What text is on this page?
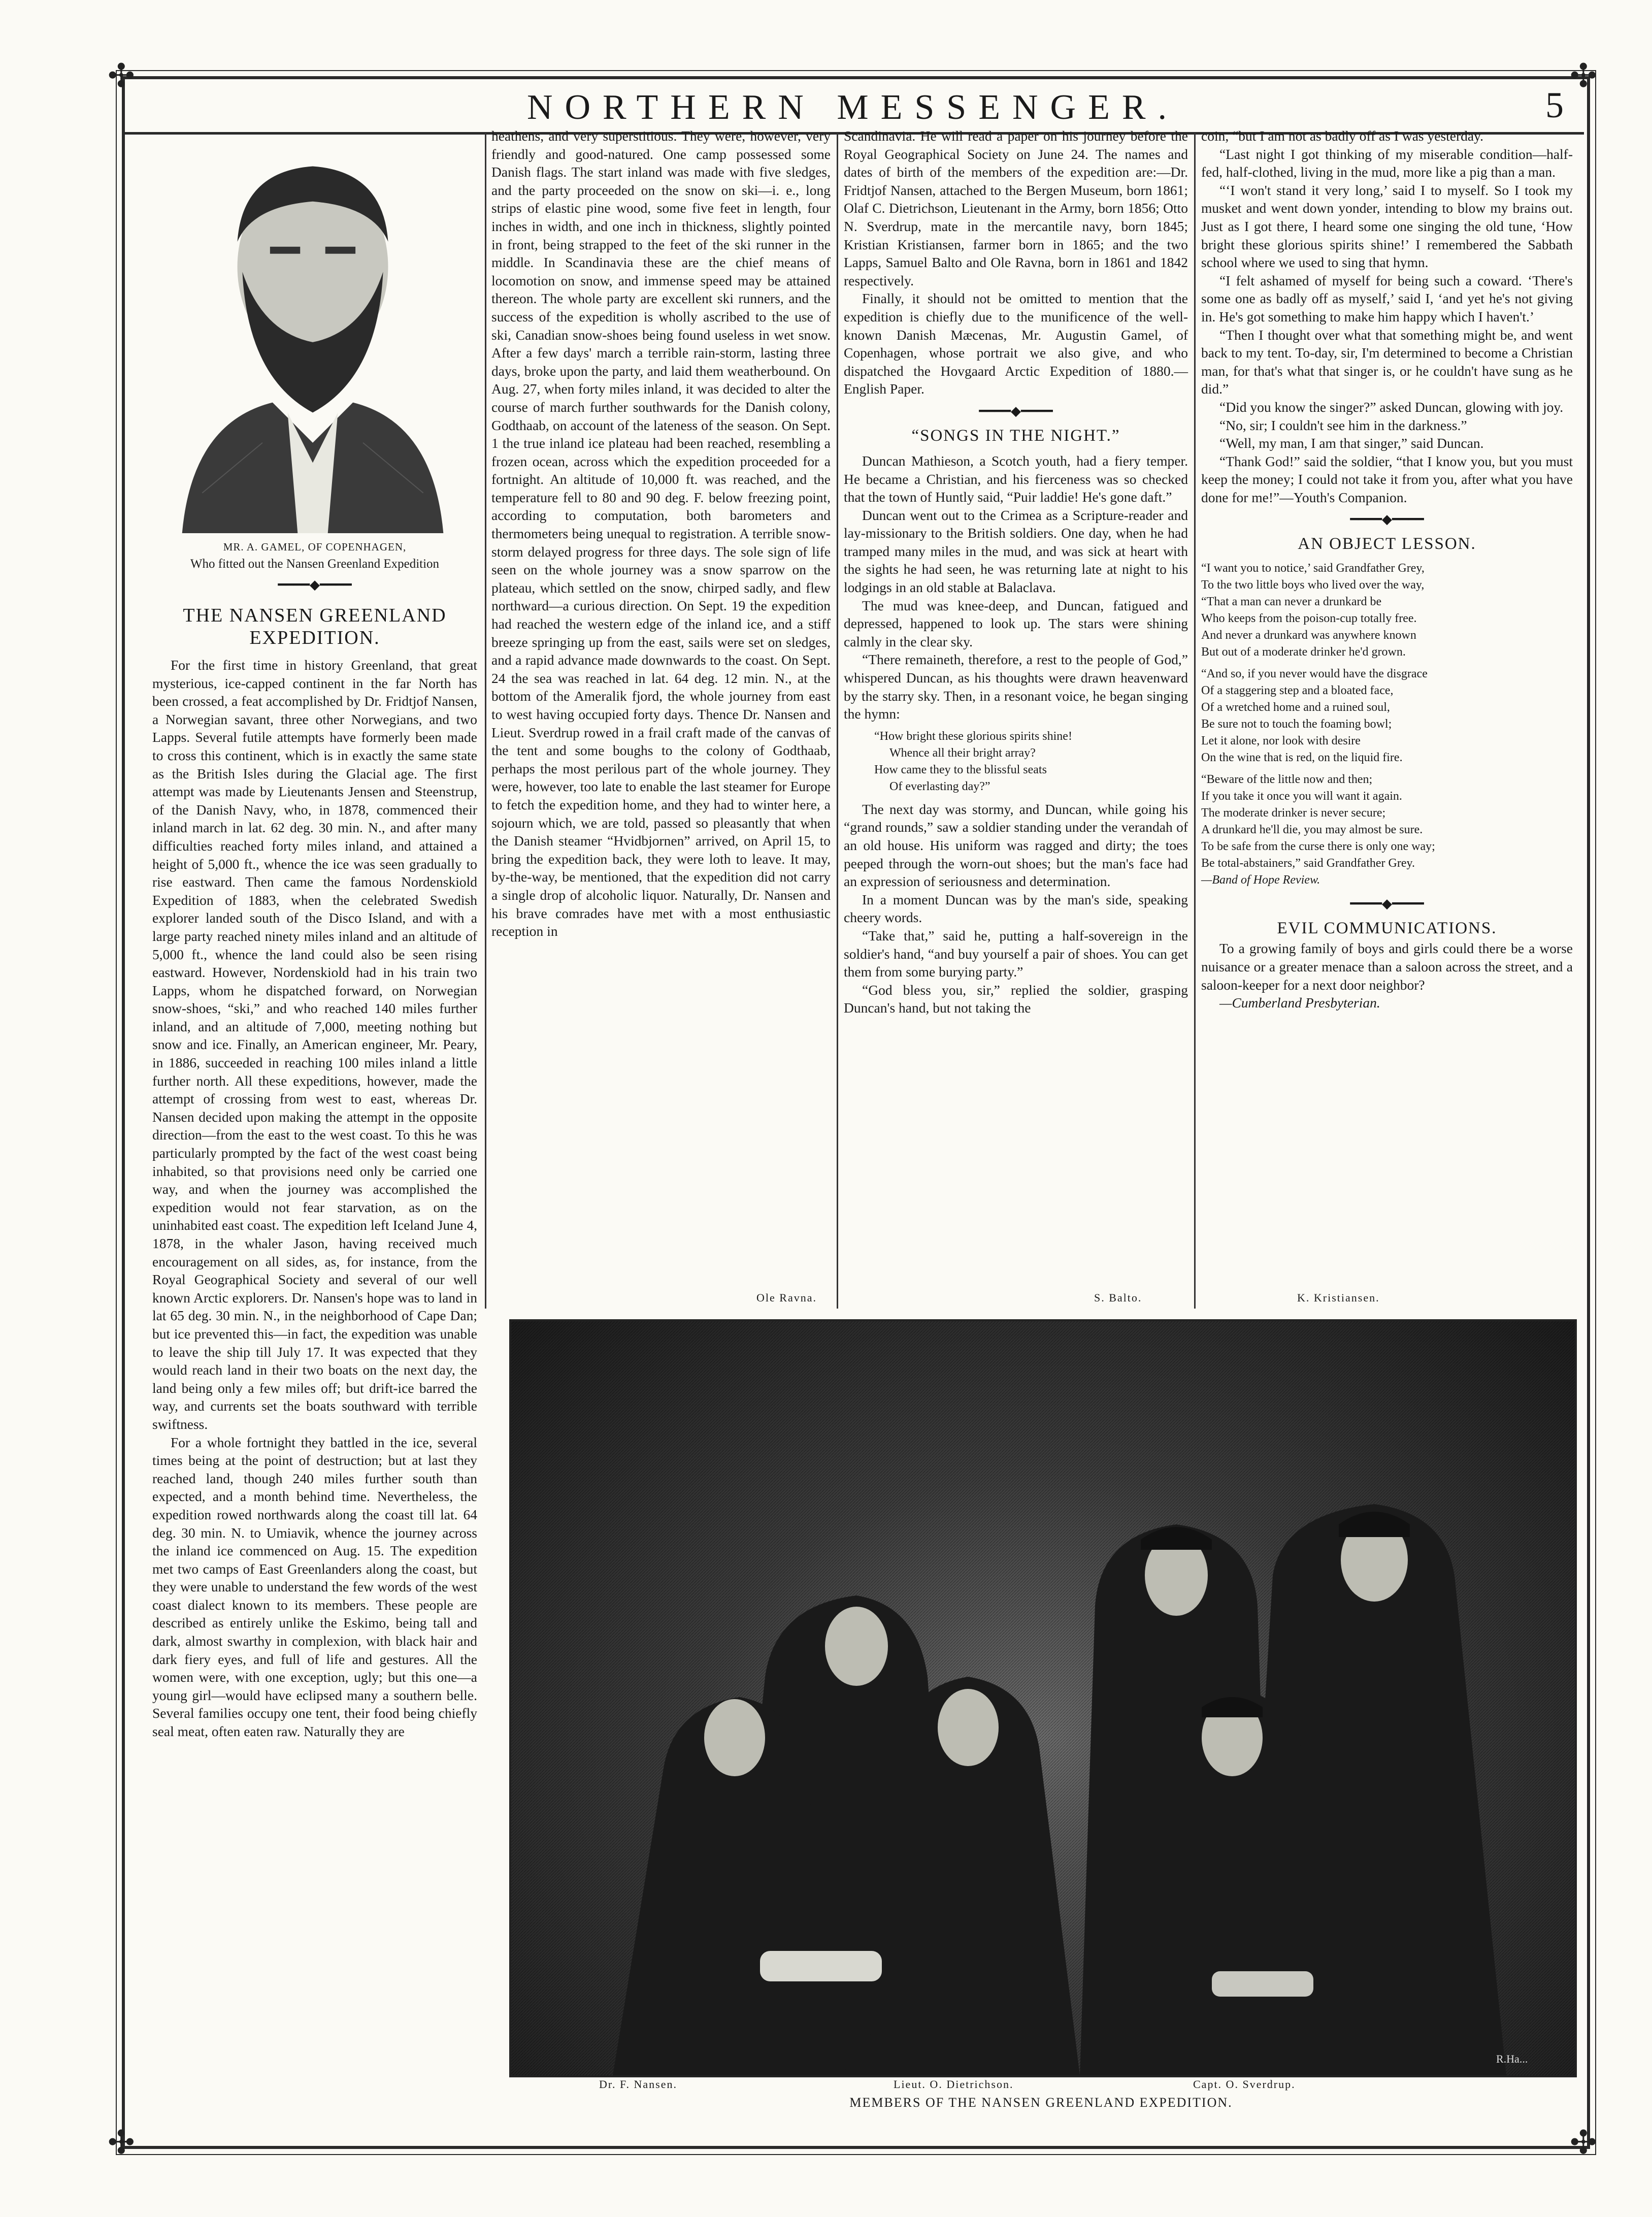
✣	✣
✣	✣
NORTHERN MESSENGER.	5
MR. A. GAMEL, OF COPENHAGEN,
Who fitted out the Nansen Greenland Expedition
━━━━◆━━━━
THE NANSEN GREENLAND EXPEDITION.

For the first time in history Greenland, that great mysterious, ice-capped continent in the far North has been crossed, a feat accomplished by Dr. Fridtjof Nansen, a Norwegian savant, three other Norwegians, and two Lapps. Several futile attempts have formerly been made to cross this continent, which is in exactly the same state as the British Isles during the Glacial age. The first attempt was made by Lieutenants Jensen and Steenstrup, of the Danish Navy, who, in 1878, commenced their inland march in lat. 62 deg. 30 min. N., and after many difficulties reached forty miles inland, and attained a height of 5,000 ft., whence the ice was seen gradually to rise eastward. Then came the famous Nordenskiold Expedition of 1883, when the celebrated Swedish explorer landed south of the Disco Island, and with a large party reached ninety miles inland and an altitude of 5,000 ft., whence the land could also be seen rising eastward. However, Nordenskiold had in his train two Lapps, whom he dispatched forward, on Norwegian snow-shoes, “ski,” and who reached 140 miles further inland, and an altitude of 7,000, meeting nothing but snow and ice. Finally, an American engineer, Mr. Peary, in 1886, succeeded in reaching 100 miles inland a little further north. All these expeditions, however, made the attempt of crossing from west to east, whereas Dr. Nansen decided upon making the attempt in the opposite direction—from the east to the west coast. To this he was particularly prompted by the fact of the west coast being inhabited, so that provisions need only be carried one way, and when the journey was accomplished the expedition would not fear starvation, as on the uninhabited east coast. The expedition left Iceland June 4, 1878, in the whaler Jason, having received much encouragement on all sides, as, for instance, from the Royal Geographical Society and several of our well known Arctic explorers. Dr. Nansen's hope was to land in lat 65 deg. 30 min. N., in the neighborhood of Cape Dan; but ice prevented this—in fact, the expedition was unable to leave the ship till July 17. It was expected that they would reach land in their two boats on the next day, the land being only a few miles off; but drift-ice barred the way, and currents set the boats southward with terrible swiftness.

For a whole fortnight they battled in the ice, several times being at the point of destruction; but at last they reached land, though 240 miles further south than expected, and a month behind time. Nevertheless, the expedition rowed northwards along the coast till lat. 64 deg. 30 min. N. to Umiavik, whence the journey across the inland ice commenced on Aug. 15. The expedition met two camps of East Greenlanders along the coast, but they were unable to understand the few words of the west coast dialect known to its members. These people are described as entirely unlike the Eskimo, being tall and dark, almost swarthy in complexion, with black hair and dark fiery eyes, and full of life and gestures. All the women were, with one exception, ugly; but this one—a young girl—would have eclipsed many a southern belle. Several families occupy one tent, their food being chiefly seal meat, often eaten raw. Naturally they are

heathens, and very superstitious. They were, however, very friendly and good-natured. One camp possessed some Danish flags. The start inland was made with five sledges, and the party proceeded on the snow on ski—i. e., long strips of elastic pine wood, some five feet in length, four inches in width, and one inch in thickness, slightly pointed in front, being strapped to the feet of the ski runner in the middle. In Scandinavia these are the chief means of locomotion on snow, and immense speed may be attained thereon. The whole party are excellent ski runners, and the success of the expedition is wholly ascribed to the use of ski, Canadian snow-shoes being found useless in wet snow. After a few days' march a terrible rain-storm, lasting three days, broke upon the party, and laid them weatherbound. On Aug. 27, when forty miles inland, it was decided to alter the course of march further southwards for the Danish colony, Godthaab, on account of the lateness of the season. On Sept. 1 the true inland ice plateau had been reached, resembling a frozen ocean, across which the expedition proceeded for a fortnight. An altitude of 10,000 ft. was reached, and the temperature fell to 80 and 90 deg. F. below freezing point, according to computation, both barometers and thermometers being unequal to registration. A terrible snow-storm delayed progress for three days. The sole sign of life seen on the whole journey was a snow sparrow on the plateau, which settled on the snow, chirped sadly, and flew northward—a curious direction. On Sept. 19 the expedition had reached the western edge of the inland ice, and a stiff breeze springing up from the east, sails were set on sledges, and a rapid advance made downwards to the coast. On Sept. 24 the sea was reached in lat. 64 deg. 12 min. N., at the bottom of the Ameralik fjord, the whole journey from east to west having occupied forty days. Thence Dr. Nansen and Lieut. Sverdrup rowed in a frail craft made of the canvas of the tent and some boughs to the colony of Godthaab, perhaps the most perilous part of the whole journey. They were, however, too late to enable the last steamer for Europe to fetch the expedition home, and they had to winter here, a sojourn which, we are told, passed so pleasantly that when the Danish steamer “Hvidbjornen” arrived, on April 15, to bring the expedition back, they were loth to leave. It may, by-the-way, be mentioned, that the expedition did not carry a single drop of alcoholic liquor. Naturally, Dr. Nansen and his brave comrades have met with a most enthusiastic reception in

Scandinavia. He will read a paper on his journey before the Royal Geographical Society on June 24. The names and dates of birth of the members of the expedition are:—Dr. Fridtjof Nansen, attached to the Bergen Museum, born 1861; Olaf C. Dietrichson, Lieutenant in the Army, born 1856; Otto N. Sverdrup, mate in the mercantile navy, born 1845; Kristian Kristiansen, farmer born in 1865; and the two Lapps, Samuel Balto and Ole Ravna, born in 1861 and 1842 respectively.

Finally, it should not be omitted to mention that the expedition is chiefly due to the munificence of the well-known Danish Mæcenas, Mr. Augustin Gamel, of Copenhagen, whose portrait we also give, and who dispatched the Hovgaard Arctic Expedition of 1880.—English Paper.

━━━━◆━━━━
“SONGS IN THE NIGHT.”

Duncan Mathieson, a Scotch youth, had a fiery temper. He became a Christian, and his fierceness was so checked that the town of Huntly said, “Puir laddie! He's gone daft.”

Duncan went out to the Crimea as a Scripture-reader and lay-missionary to the British soldiers. One day, when he had tramped many miles in the mud, and was sick at heart with the sights he had seen, he was returning late at night to his lodgings in an old stable at Balaclava.

The mud was knee-deep, and Duncan, fatigued and depressed, happened to look up. The stars were shining calmly in the clear sky.

“There remaineth, therefore, a rest to the people of God,” whispered Duncan, as his thoughts were drawn heavenward by the starry sky. Then, in a resonant voice, he began singing the hymn:

“How bright these glorious spirits shine!

Whence all their bright array?

How came they to the blissful seats

Of everlasting day?”

The next day was stormy, and Duncan, while going his “grand rounds,” saw a soldier standing under the verandah of an old house. His uniform was ragged and dirty; the toes peeped through the worn-out shoes; but the man's face had an expression of seriousness and determination.

In a moment Duncan was by the man's side, speaking cheery words.

“Take that,” said he, putting a half-sovereign in the soldier's hand, “and buy yourself a pair of shoes. You can get them from some burying party.”

“God bless you, sir,” replied the soldier, grasping Duncan's hand, but not taking the

coin, “but I am not as badly off as I was yesterday.

“Last night I got thinking of my miserable condition—half-fed, half-clothed, living in the mud, more like a pig than a man.

“‘I won't stand it very long,’ said I to myself. So I took my musket and went down yonder, intending to blow my brains out. Just as I got there, I heard some one singing the old tune, ‘How bright these glorious spirits shine!’ I remembered the Sabbath school where we used to sing that hymn.

“I felt ashamed of myself for being such a coward. ‘There's some one as badly off as myself,’ said I, ‘and yet he's not giving in. He's got something to make him happy which I haven't.’

“Then I thought over what that something might be, and went back to my tent. To-day, sir, I'm determined to become a Christian man, for that's what that singer is, or he couldn't have sung as he did.”

“Did you know the singer?” asked Duncan, glowing with joy.

“No, sir; I couldn't see him in the darkness.”

“Well, my man, I am that singer,” said Duncan.

“Thank God!” said the soldier, “that I know you, but you must keep the money; I could not take it from you, after what you have done for me!”—Youth's Companion.

━━━━◆━━━━
AN OBJECT LESSON.

“I want you to notice,’ said Grandfather Grey,

To the two little boys who lived over the way,

“That a man can never a drunkard be

Who keeps from the poison-cup totally free.

And never a drunkard was anywhere known

But out of a moderate drinker he'd grown.

“And so, if you never would have the disgrace

Of a staggering step and a bloated face,

Of a wretched home and a ruined soul,

Be sure not to touch the foaming bowl;

Let it alone, nor look with desire

On the wine that is red, on the liquid fire.

“Beware of the little now and then;

If you take it once you will want it again.

The moderate drinker is never secure;

A drunkard he'll die, you may almost be sure.

To be safe from the curse there is only one way;

Be total-abstainers,” said Grandfather Grey.

—Band of Hope Review.

━━━━◆━━━━
EVIL COMMUNICATIONS.

To a growing family of boys and girls could there be a worse nuisance or a greater menace than a saloon across the street, and a saloon-keeper for a next door neighbor?

—Cumberland Presbyterian.

Ole Ravna.	S. Balto.	K. Kristiansen.
R.Ha...
Dr. F. Nansen.	Lieut. O. Dietrichson.	Capt. O. Sverdrup.
MEMBERS OF THE NANSEN GREENLAND EXPEDITION.
